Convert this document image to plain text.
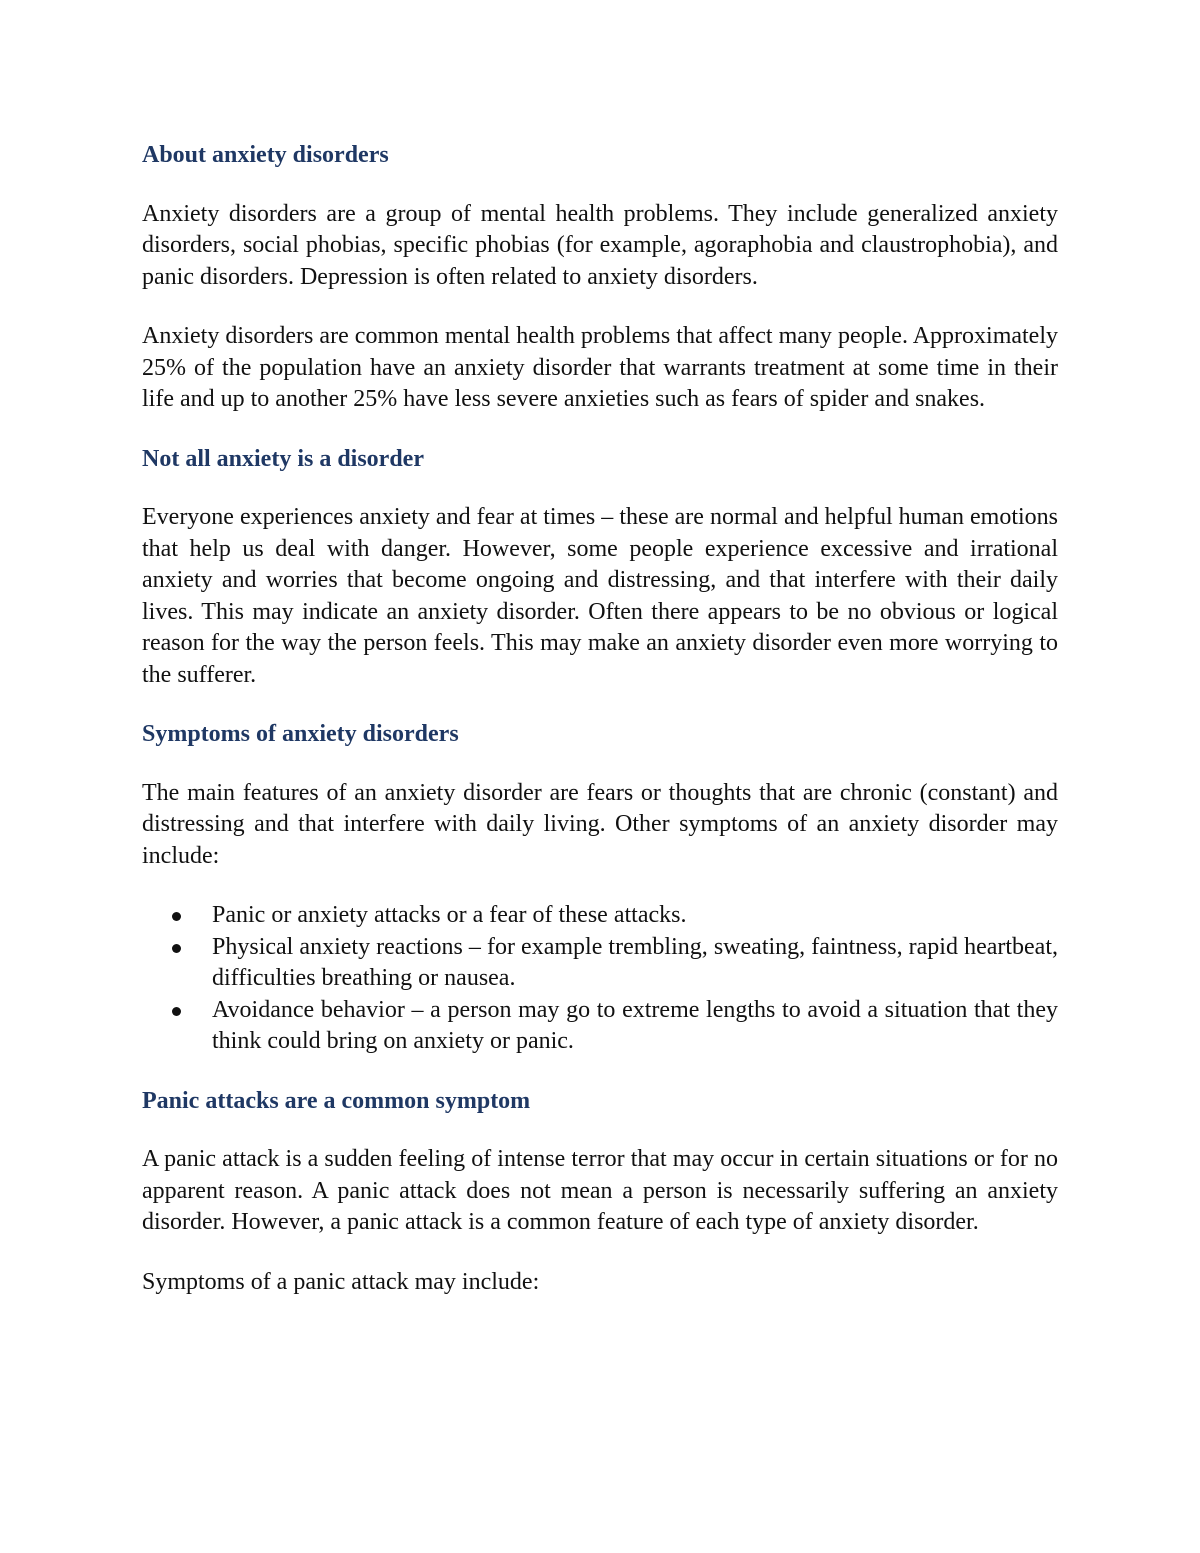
About anxiety disorders

Anxiety disorders are a group of mental health problems. They include generalized anxiety disorders, social phobias, specific phobias (for example, agoraphobia and claustrophobia), and panic disorders. Depression is often related to anxiety disorders.

Anxiety disorders are common mental health problems that affect many people. Approximately 25% of the population have an anxiety disorder that warrants treatment at some time in their life and up to another 25% have less severe anxieties such as fears of spider and snakes.

Not all anxiety is a disorder

Everyone experiences anxiety and fear at times – these are normal and helpful human emotions that help us deal with danger. However, some people experience excessive and irrational anxiety and worries that become ongoing and distressing, and that interfere with their daily lives. This may indicate an anxiety disorder. Often there appears to be no obvious or logical reason for the way the person feels. This may make an anxiety disorder even more worrying to the sufferer.

Symptoms of anxiety disorders

The main features of an anxiety disorder are fears or thoughts that are chronic (constant) and distressing and that interfere with daily living. Other symptoms of an anxiety disorder may include:

Panic or anxiety attacks or a fear of these attacks.
Physical anxiety reactions – for example trembling, sweating, faintness, rapid heartbeat, difficulties breathing or nausea.
Avoidance behavior – a person may go to extreme lengths to avoid a situation that they think could bring on anxiety or panic.
Panic attacks are a common symptom

A panic attack is a sudden feeling of intense terror that may occur in certain situations or for no apparent reason. A panic attack does not mean a person is necessarily suffering an anxiety disorder. However, a panic attack is a common feature of each type of anxiety disorder.

Symptoms of a panic attack may include:
